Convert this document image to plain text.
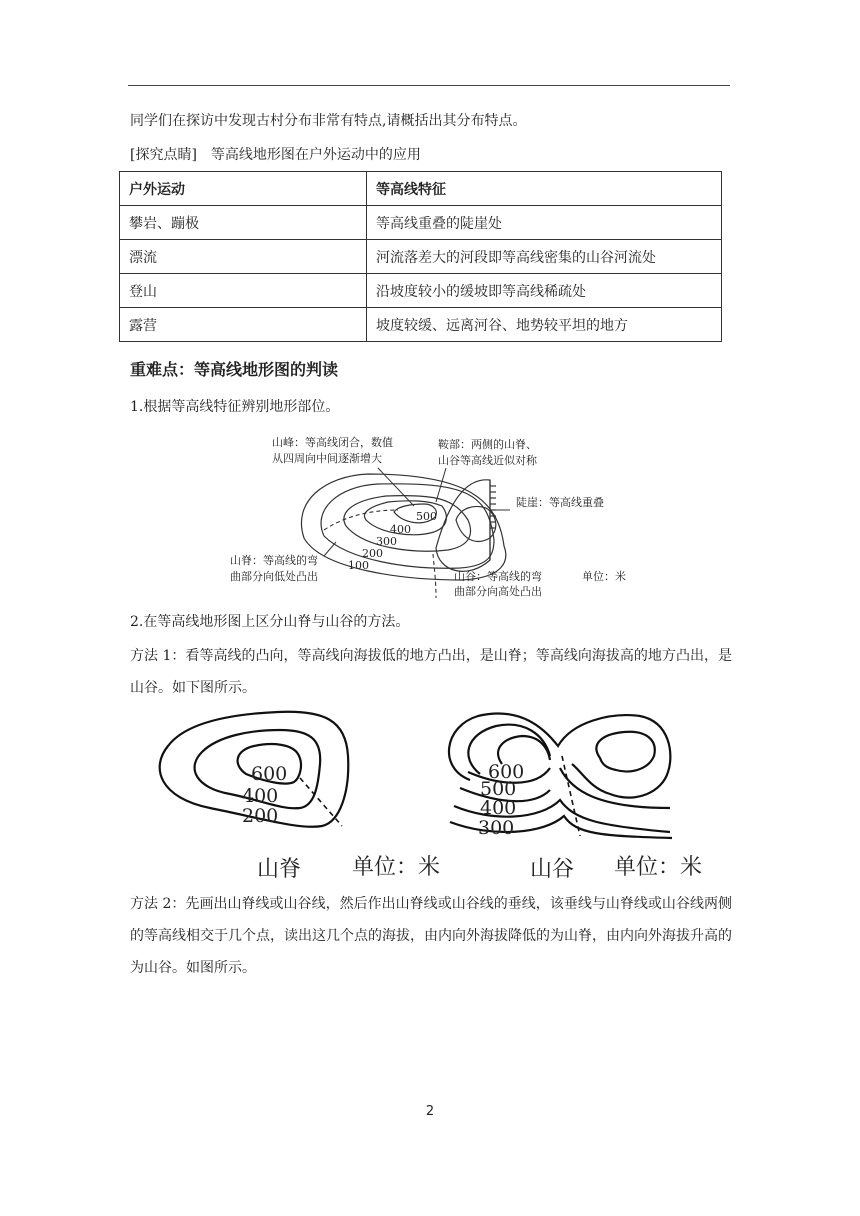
同学们在探访中发现古村分布非常有特点,请概括出其分布特点。
[探究点睛]　等高线地形图在户外运动中的应用
户外运动	等高线特征
攀岩、蹦极	等高线重叠的陡崖处
漂流	河流落差大的河段即等高线密集的山谷河流处
登山	沿坡度较小的缓坡即等高线稀疏处
露营	坡度较缓、远离河谷、地势较平坦的地方
重难点：等高线地形图的判读
1.根据等高线特征辨别地形部位。
500
400
300
200
100
山峰：等高线闭合，数值
从四周向中间逐渐增大
鞍部：两侧的山脊、
山谷等高线近似对称
陡崖：等高线重叠
山脊：等高线的弯
曲部分向低处凸出	山谷：等高线的弯
曲部分向高处凸出
单位：米
2.在等高线地形图上区分山脊与山谷的方法。
方法 1：看等高线的凸向，等高线向海拔低的地方凸出，是山脊；等高线向海拔高的地方凸出，是山谷。如下图所示。
600
400
200
600
500
400
300
山脊 单位：米	山谷 单位：米
方法 2：先画出山脊线或山谷线，然后作出山脊线或山谷线的垂线，该垂线与山脊线或山谷线两侧的等高线相交于几个点，读出这几个点的海拔，由内向外海拔降低的为山脊，由内向外海拔升高的为山谷。如图所示。
2
